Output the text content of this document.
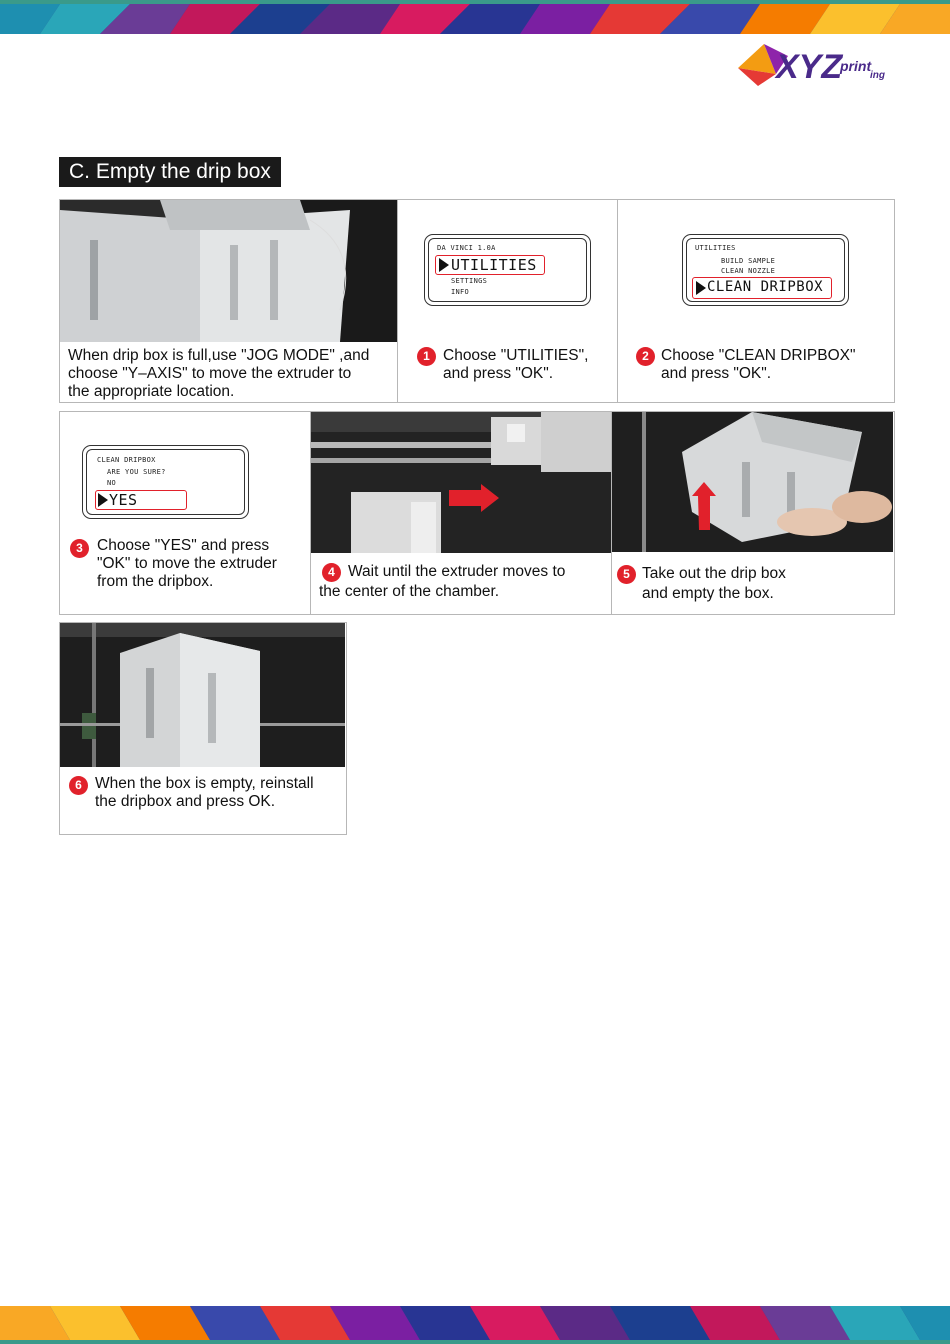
XYZ
print
ing
C. Empty the drip box
When drip box is full,use "JOG MODE" ,and
choose "Y–AXIS" to move the extruder to
the appropriate location.
DA VINCI 1.0A
UTILITIES
SETTINGS
INFO
1 Choose "UTILITIES",
and press "OK".
UTILITIES
BUILD SAMPLE
CLEAN NOZZLE
CLEAN DRIPBOX
2 Choose "CLEAN DRIPBOX"
and press "OK".
CLEAN DRIPBOX
ARE YOU SURE?
NO
YES
3 Choose "YES" and press
"OK" to move the extruder
from the dripbox.
4 Wait until the extruder moves to
the center of the chamber.
5 Take out the drip box
and empty the box.
6 When the box is empty, reinstall
the dripbox and press OK.
